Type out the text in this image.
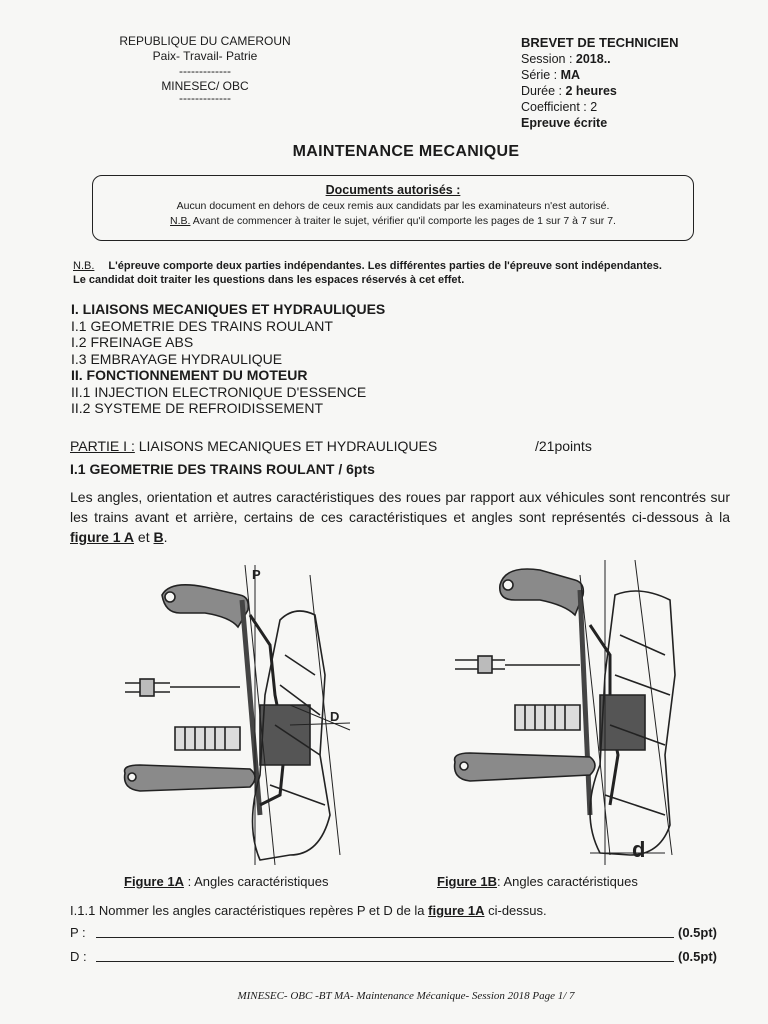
REPUBLIQUE DU CAMEROUN
Paix- Travail- Patrie
-------------
MINESEC/ OBC
-------------
BREVET DE TECHNICIEN
Session : 2018..
Série : MA
Durée : 2 heures
Coefficient : 2
Epreuve écrite
MAINTENANCE MECANIQUE
Documents autorisés :
Aucun document en dehors de ceux remis aux candidats par les examinateurs n'est autorisé.
N.B. Avant de commencer à traiter le sujet, vérifier qu'il comporte les pages de 1 sur 7 à 7 sur 7.
N.B. L'épreuve comporte deux parties indépendantes. Les différentes parties de l'épreuve sont indépendantes. Le candidat doit traiter les questions dans les espaces réservés à cet effet.
I. LIAISONS MECANIQUES ET HYDRAULIQUES
I.1 GEOMETRIE DES TRAINS ROULANT
I.2 FREINAGE ABS
I.3 EMBRAYAGE HYDRAULIQUE
II. FONCTIONNEMENT DU MOTEUR
II.1 INJECTION ELECTRONIQUE D'ESSENCE
II.2 SYSTEME DE REFROIDISSEMENT
PARTIE I : LIAISONS MECANIQUES ET HYDRAULIQUES	/21points
I.1 GEOMETRIE DES TRAINS ROULANT / 6pts
Les angles, orientation et autres caractéristiques des roues par rapport aux véhicules sont rencontrés sur les trains avant et arrière, certains de ces caractéristiques et angles sont représentés ci-dessous à la figure 1 A et B.
P
D
d
Figure 1A : Angles caractéristiques	Figure 1B: Angles caractéristiques
I.1.1 Nommer les angles caractéristiques repères P et D de la figure 1A ci-dessus.
P :	(0.5pt)
D :	(0.5pt)
MINESEC- OBC -BT MA- Maintenance Mécanique- Session 2018 Page 1/ 7
